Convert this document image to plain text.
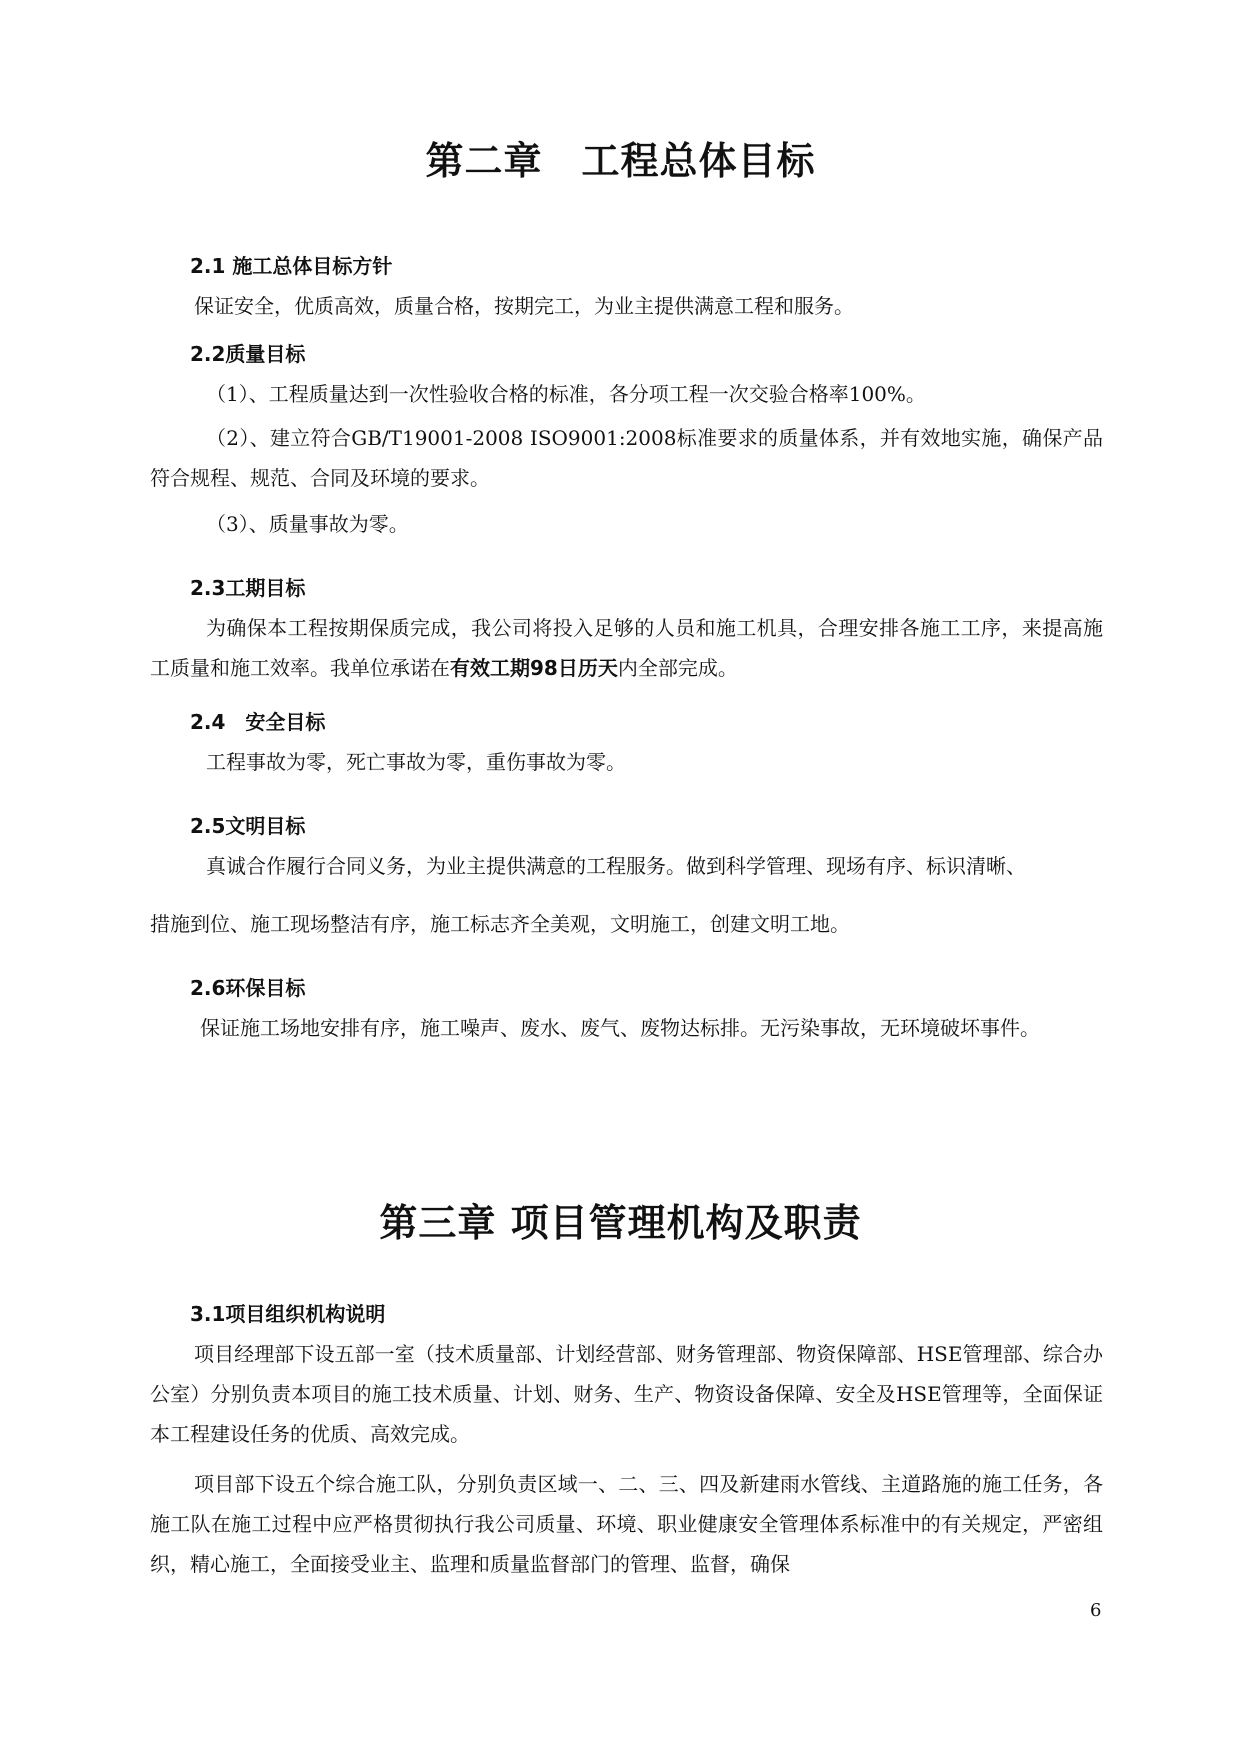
第二章　工程总体目标
2.1 施工总体目标方针

保证安全，优质高效，质量合格，按期完工，为业主提供满意工程和服务。

2.2质量目标

（1）、工程质量达到一次性验收合格的标准，各分项工程一次交验合格率100%。

（2）、建立符合GB/T19001-2008 ISO9001:2008标准要求的质量体系，并有效地实施，确保产品符合规程、规范、合同及环境的要求。

（3）、质量事故为零。

2.3工期目标

为确保本工程按期保质完成，我公司将投入足够的人员和施工机具，合理安排各施工工序，来提高施工质量和施工效率。我单位承诺在有效工期98日历天内全部完成。

2.4　安全目标

工程事故为零，死亡事故为零，重伤事故为零。

2.5文明目标

真诚合作履行合同义务，为业主提供满意的工程服务。做到科学管理、现场有序、标识清晰、

措施到位、施工现场整洁有序，施工标志齐全美观，文明施工，创建文明工地。

2.6环保目标

保证施工场地安排有序，施工噪声、废水、废气、废物达标排。无污染事故，无环境破坏事件。

第三章 项目管理机构及职责
3.1项目组织机构说明

项目经理部下设五部一室（技术质量部、计划经营部、财务管理部、物资保障部、HSE管理部、综合办公室）分别负责本项目的施工技术质量、计划、财务、生产、物资设备保障、安全及HSE管理等，全面保证本工程建设任务的优质、高效完成。

项目部下设五个综合施工队，分别负责区域一、二、三、四及新建雨水管线、主道路施的施工任务，各施工队在施工过程中应严格贯彻执行我公司质量、环境、职业健康安全管理体系标准中的有关规定，严密组织，精心施工，全面接受业主、监理和质量监督部门的管理、监督，确保

6
